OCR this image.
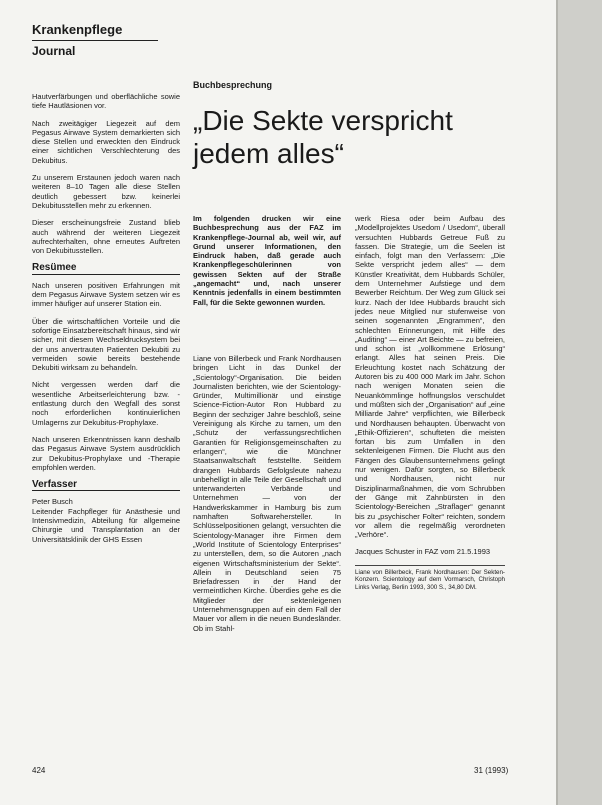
Krankenpflege
Journal

Hautverfärbungen und oberflächliche sowie tiefe Hautläsionen vor.

Nach zweitägiger Liegezeit auf dem Pegasus Airwave System demarkierten sich diese Stellen und erweckten den Eindruck einer sichtlichen Verschlechterung des Dekubitus.

Zu unserem Erstaunen jedoch waren nach weiteren 8–10 Tagen alle diese Stellen deutlich gebessert bzw. keinerlei Dekubitusstellen mehr zu erkennen.

Dieser erscheinungsfreie Zustand blieb auch während der weiteren Liegezeit aufrechterhalten, ohne erneutes Auftreten von Dekubitusstellen.

Resümee

Nach unseren positiven Erfahrungen mit dem Pegasus Airwave System setzen wir es immer häufiger auf unserer Station ein.

Über die wirtschaftlichen Vorteile und die sofortige Einsatzbereitschaft hinaus, sind wir sicher, mit diesem Wechseldrucksystem bei der uns anvertrauten Patienten Dekubiti zu vermeiden sowie bereits bestehende Dekubiti wirksam zu behandeln.

Nicht vergessen werden darf die wesentliche Arbeitserleichterung bzw. -entlastung durch den Wegfall des sonst noch erforderlichen kontinuierlichen Umlagerns zur Dekubitus-Prophylaxe.

Nach unseren Erkenntnissen kann deshalb das Pegasus Airwave System ausdrücklich zur Dekubitus-Prophylaxe und -Therapie empfohlen werden.

Verfasser

Peter Busch
Leitender Fachpfleger für Anästhesie und Intensivmedizin, Abteilung für allgemeine Chirurgie und Transplantation an der Universitätsklinik der GHS Essen

Buchbesprechung
„Die Sekte verspricht jedem alles“
Im folgenden drucken wir eine Buchbesprechung aus der FAZ im Krankenpflege-Journal ab, weil wir, auf Grund unserer Informationen, den Eindruck haben, daß gerade auch Krankenpflegeschülerinnen von gewissen Sekten auf der Straße „angemacht“ und, nach unserer Kenntnis jedenfalls in einem bestimmten Fall, für die Sekte gewonnen wurden.

Liane von Billerbeck und Frank Nordhausen bringen Licht in das Dunkel der „Scientology“-Organisation. Die beiden Journalisten berichten, wie der Scientology-Gründer, Multimillionär und einstige Science-Fiction-Autor Ron Hubbard zu Beginn der sechziger Jahre beschloß, seine Vereinigung als Kirche zu tarnen, um den „Schutz der verfassungsrechtlichen Garantien für Religionsgemeinschaften zu erlangen“, wie die Münchner Staatsanwaltschaft feststellte. Seitdem drangen Hubbards Gefolgsleute nahezu unbehelligt in alle Teile der Gesellschaft und unterwanderten Verbände und Unternehmen — von der Handwerkskammer in Hamburg bis zum namhaften Softwarehersteller. In Schlüsselpositionen gelangt, versuchten die Scientology-Manager ihre Firmen dem „World Institute of Scientology Enterprises“ zu unterstellen, dem, so die Autoren „nach eigenen Wirtschaftsministerium der Sekte“. Allein in Deutschland seien 75 Briefadressen in der Hand der vermeintlichen Kirche. Überdies gehe es die Mitglieder der sektenleigenen Unternehmensgruppen auf ein dem Fall der Mauer vor allem in die neuen Bundesländer. Ob im Stahl-

werk Riesa oder beim Aufbau des „Modellprojektes Usedom / Usedom“, überall versuchten Hubbards Getreue Fuß zu fassen. Die Strategie, um die Seelen ist einfach, folgt man den Verfassern: „Die Sekte verspricht jedem alles“ — dem Künstler Kreativität, dem Hubbards Schüler, dem Unternehmer Aufstiege und dem Bewerber Reichtum. Der Weg zum Glück sei kurz. Nach der Idee Hubbards braucht sich jedes neue Mitglied nur stufenweise von seinen sogenannten „Engrammen“, den schlechten Erinnerungen, mit Hilfe des „Auditing“ — einer Art Beichte — zu befreien, und schon ist „vollkommene Erlösung“ erlangt. Alles hat seinen Preis. Die Erleuchtung kostet nach Schätzung der Autoren bis zu 400 000 Mark im Jahr. Schon nach wenigen Monaten seien die Neuankömmlinge hoffnungslos verschuldet und müßten sich der „Organisation“ auf „eine Milliarde Jahre“ verpflichten, wie Billerbeck und Nordhausen behaupten. Überwacht von „Ethik-Offizieren“, schufteten die meisten fortan bis zum Umfallen in den sektenleigenen Firmen. Die Flucht aus den Fängen des Glaubensunternehmens gelingt nur wenigen. Dafür sorgten, so Billerbeck und Nordhausen, nicht nur Disziplinarmaßnahmen, die vom Schrubben der Gänge mit Zahnbürsten in den Scientology-Bereichen „Straflager“ genannt bis zu „psychischer Folter“ reichten, sondern vor allem die regelmäßig verordneten „Verhöre“.

Jacques Schuster in FAZ vom 21.5.1993

Liane von Billerbeck, Frank Nordhausen: Der Sekten-Konzern. Scientology auf dem Vormarsch, Christoph Links Verlag, Berlin 1993, 300 S., 34,80 DM.
424	31 (1993)
